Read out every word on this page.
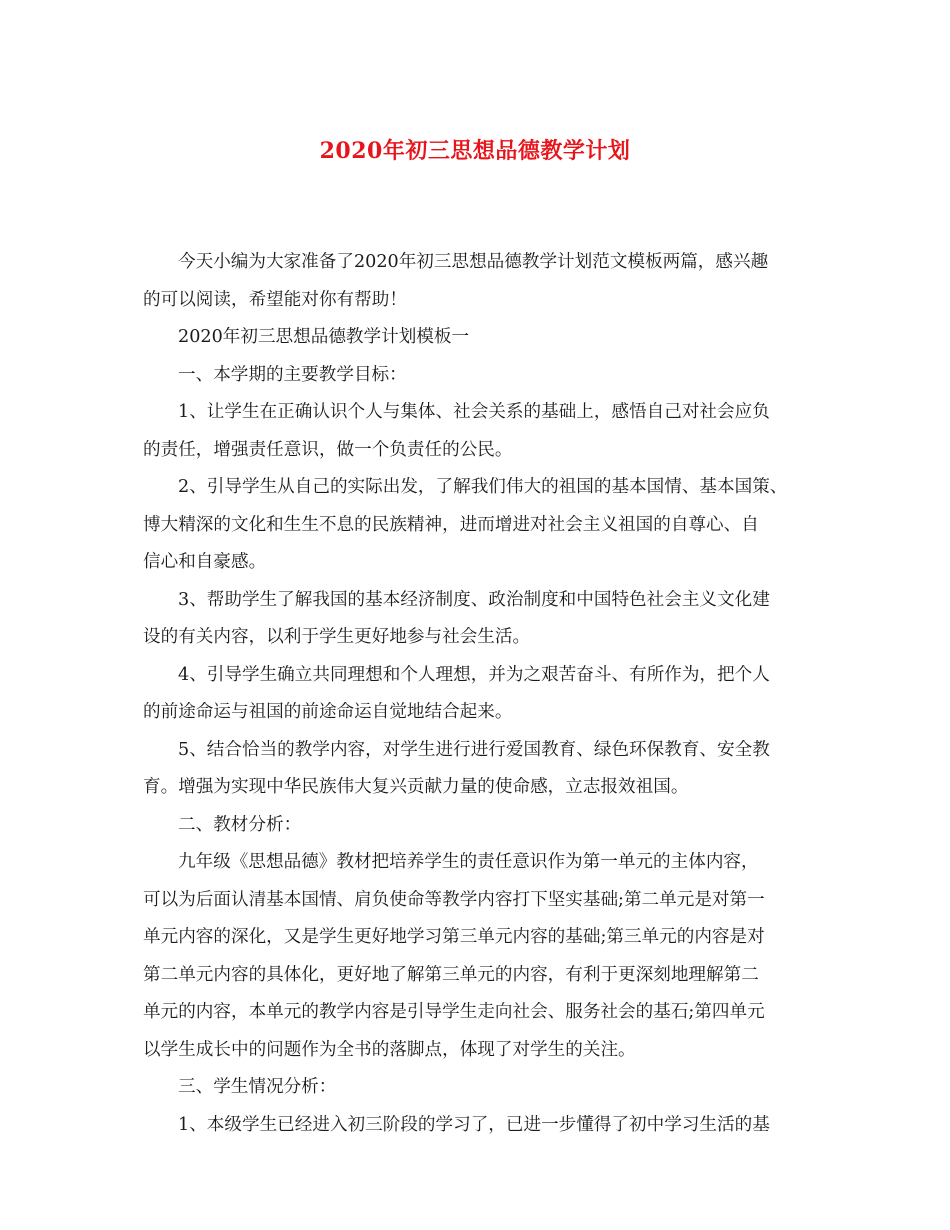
2020年初三思想品德教学计划

今天小编为大家准备了2020年初三思想品德教学计划范文模板两篇，感兴趣
的可以阅读，希望能对你有帮助！

2020年初三思想品德教学计划模板一

一、本学期的主要教学目标：

1、让学生在正确认识个人与集体、社会关系的基础上，感悟自己对社会应负
的责任，增强责任意识，做一个负责任的公民。

2、引导学生从自己的实际出发，了解我们伟大的祖国的基本国情、基本国策、
博大精深的文化和生生不息的民族精神，进而增进对社会主义祖国的自尊心、自
信心和自豪感。

3、帮助学生了解我国的基本经济制度、政治制度和中国特色社会主义文化建
设的有关内容，以利于学生更好地参与社会生活。

4、引导学生确立共同理想和个人理想，并为之艰苦奋斗、有所作为，把个人
的前途命运与祖国的前途命运自觉地结合起来。

5、结合恰当的教学内容，对学生进行进行爱国教育、绿色环保教育、安全教
育。增强为实现中华民族伟大复兴贡献力量的使命感，立志报效祖国。

二、教材分析：

九年级《思想品德》教材把培养学生的责任意识作为第一单元的主体内容，
可以为后面认清基本国情、肩负使命等教学内容打下坚实基础;第二单元是对第一
单元内容的深化，又是学生更好地学习第三单元内容的基础;第三单元的内容是对
第二单元内容的具体化，更好地了解第三单元的内容，有利于更深刻地理解第二
单元的内容，本单元的教学内容是引导学生走向社会、服务社会的基石;第四单元
以学生成长中的问题作为全书的落脚点，体现了对学生的关注。

三、学生情况分析：

1、本级学生已经进入初三阶段的学习了，已进一步懂得了初中学习生活的基
